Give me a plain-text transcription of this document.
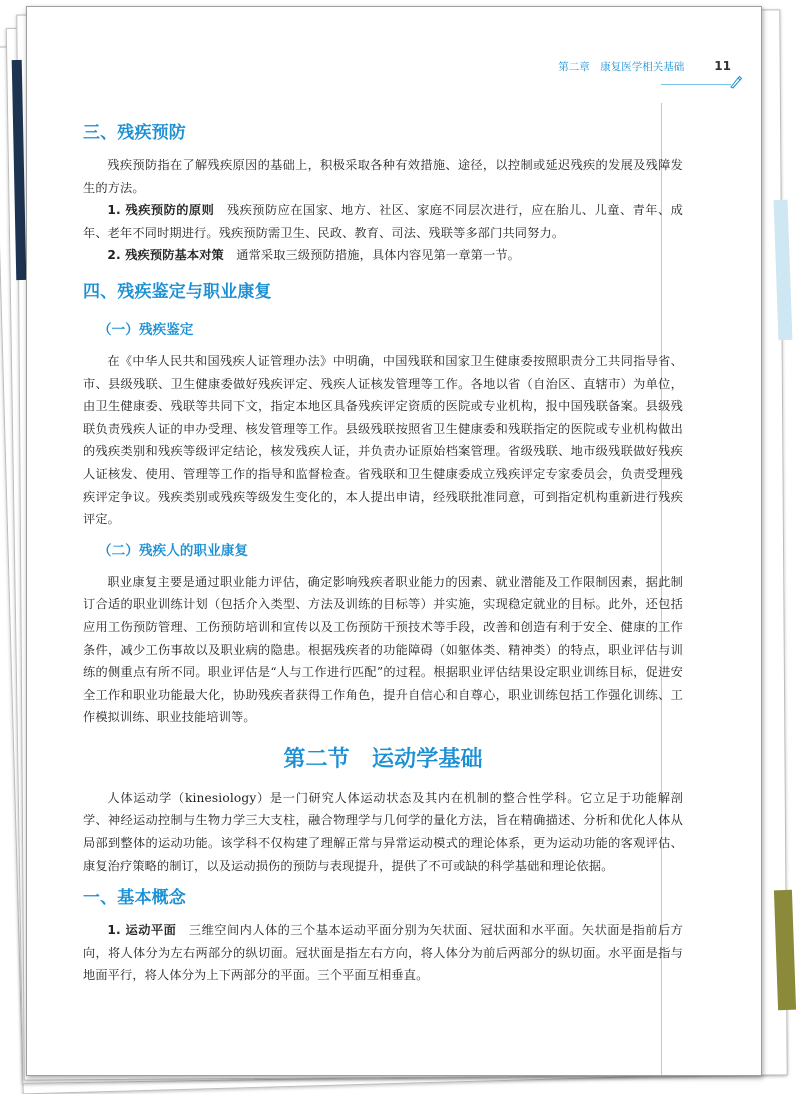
第二章　康复医学相关基础	11
三、残疾预防

残疾预防指在了解残疾原因的基础上，积极采取各种有效措施、途径，以控制或延迟残疾的发展及残障发生的方法。

1. 残疾预防的原则　残疾预防应在国家、地方、社区、家庭不同层次进行，应在胎儿、儿童、青年、成年、老年不同时期进行。残疾预防需卫生、民政、教育、司法、残联等多部门共同努力。

2. 残疾预防基本对策　通常采取三级预防措施，具体内容见第一章第一节。

四、残疾鉴定与职业康复
（一）残疾鉴定

在《中华人民共和国残疾人证管理办法》中明确，中国残联和国家卫生健康委按照职责分工共同指导省、市、县级残联、卫生健康委做好残疾评定、残疾人证核发管理等工作。各地以省（自治区、直辖市）为单位，由卫生健康委、残联等共同下文，指定本地区具备残疾评定资质的医院或专业机构，报中国残联备案。县级残联负责残疾人证的申办受理、核发管理等工作。县级残联按照省卫生健康委和残联指定的医院或专业机构做出的残疾类别和残疾等级评定结论，核发残疾人证，并负责办证原始档案管理。省级残联、地市级残联做好残疾人证核发、使用、管理等工作的指导和监督检查。省残联和卫生健康委成立残疾评定专家委员会，负责受理残疾评定争议。残疾类别或残疾等级发生变化的，本人提出申请，经残联批准同意，可到指定机构重新进行残疾评定。

（二）残疾人的职业康复

职业康复主要是通过职业能力评估，确定影响残疾者职业能力的因素、就业潜能及工作限制因素，据此制订合适的职业训练计划（包括介入类型、方法及训练的目标等）并实施，实现稳定就业的目标。此外，还包括应用工伤预防管理、工伤预防培训和宣传以及工伤预防干预技术等手段，改善和创造有利于安全、健康的工作条件，减少工伤事故以及职业病的隐患。根据残疾者的功能障碍（如躯体类、精神类）的特点，职业评估与训练的侧重点有所不同。职业评估是“人与工作进行匹配”的过程。根据职业评估结果设定职业训练目标，促进安全工作和职业功能最大化，协助残疾者获得工作角色，提升自信心和自尊心，职业训练包括工作强化训练、工作模拟训练、职业技能培训等。

第二节　运动学基础

人体运动学（kinesiology）是一门研究人体运动状态及其内在机制的整合性学科。它立足于功能解剖学、神经运动控制与生物力学三大支柱，融合物理学与几何学的量化方法，旨在精确描述、分析和优化人体从局部到整体的运动功能。该学科不仅构建了理解正常与异常运动模式的理论体系，更为运动功能的客观评估、康复治疗策略的制订，以及运动损伤的预防与表现提升，提供了不可或缺的科学基础和理论依据。

一、基本概念

1. 运动平面　三维空间内人体的三个基本运动平面分别为矢状面、冠状面和水平面。矢状面是指前后方向，将人体分为左右两部分的纵切面。冠状面是指左右方向，将人体分为前后两部分的纵切面。水平面是指与地面平行，将人体分为上下两部分的平面。三个平面互相垂直。
